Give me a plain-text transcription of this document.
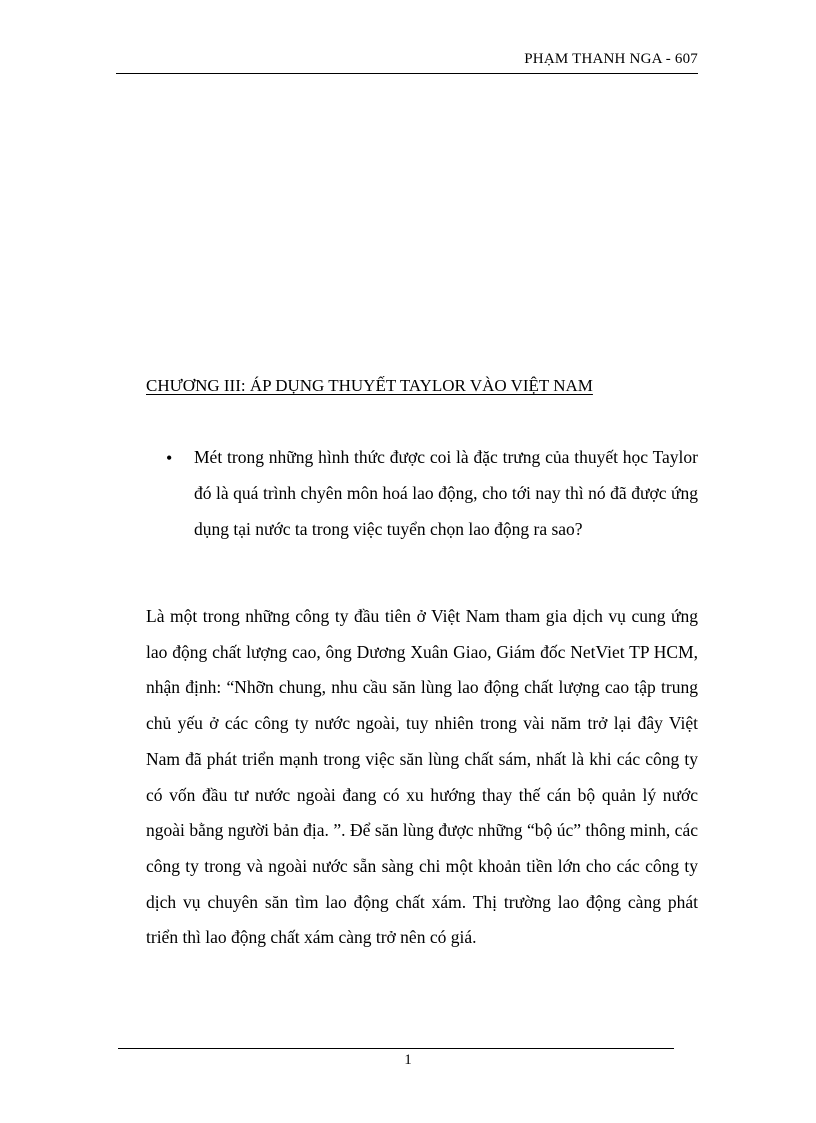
PHẠM THANH NGA - 607
CHƯƠNG III: ÁP DỤNG THUYẾT TAYLOR VÀO VIỆT NAM
• Mét trong những hình thức được coi là đặc trưng của thuyết học Taylor đó là quá trình chyên môn hoá lao động, cho tới nay thì nó đã được ứng dụng tại nước ta trong việc tuyển chọn lao động ra sao?

Là một trong những công ty đầu tiên ở Việt Nam tham gia dịch vụ cung ứng lao động chất lượng cao, ông Dương Xuân Giao, Giám đốc NetViet TP HCM, nhận định: “Nhỡn chung, nhu cầu săn lùng lao động chất lượng cao tập trung chủ yếu ở các công ty nước ngoài, tuy nhiên trong vài năm trở lại đây Việt Nam đã phát triển mạnh trong việc săn lùng chất sám, nhất là khi các công ty có vốn đầu tư nước ngoài đang có xu hướng thay thế cán bộ quản lý nước ngoài bằng người bản địa. ”. Để săn lùng được những “bộ úc” thông minh, các công ty trong và ngoài nước sẵn sàng chi một khoản tiền lớn cho các công ty dịch vụ chuyên săn tìm lao động chất xám. Thị trường lao động càng phát triển thì lao động chất xám càng trở nên có giá.

1
